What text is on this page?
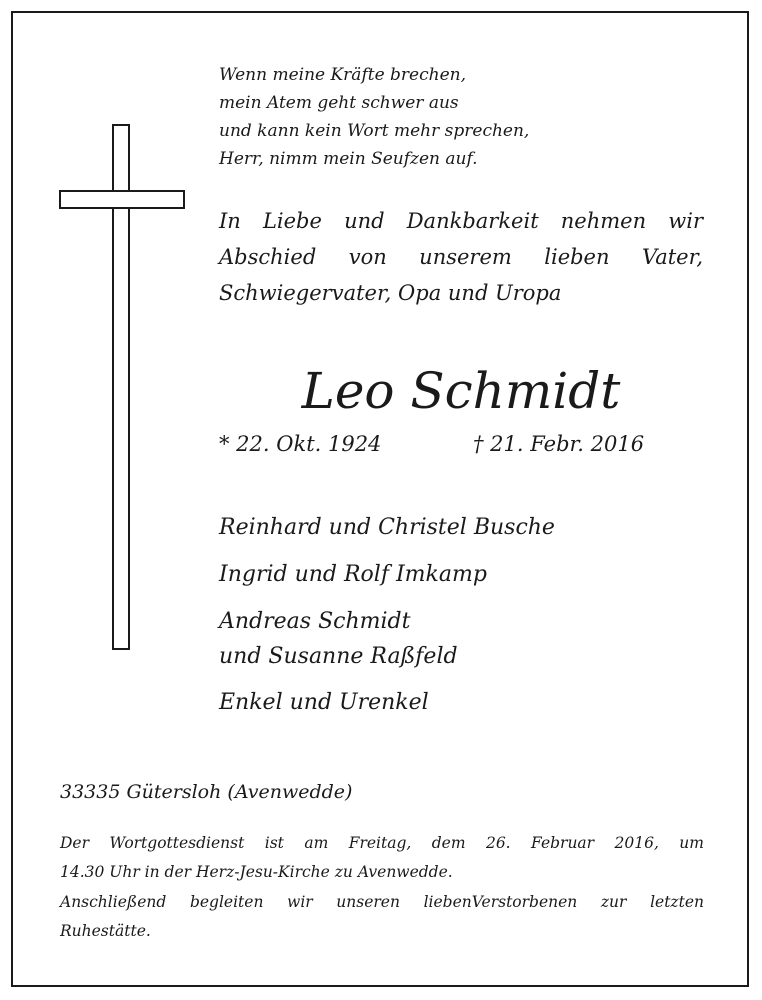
Wenn meine Kräfte brechen,
mein Atem geht schwer aus
und kann kein Wort mehr sprechen,
Herr, nimm mein Seufzen auf.
In Liebe und Dankbarkeit nehmen wir
Abschied von unserem lieben Vater,
Schwiegervater, Opa und Uropa
Leo Schmidt
* 22. Okt. 1924	† 21. Febr. 2016
Reinhard und Christel Busche
Ingrid und Rolf Imkamp
Andreas Schmidt
und Susanne Raßfeld
Enkel und Urenkel
33335 Gütersloh (Avenwedde)
Der Wortgottesdienst ist am Freitag, dem 26. Februar 2016, um
14.30 Uhr in der Herz-Jesu-Kirche zu Avenwedde.
Anschließend begleiten wir unseren liebenVerstorbenen zur letzten
Ruhestätte.
